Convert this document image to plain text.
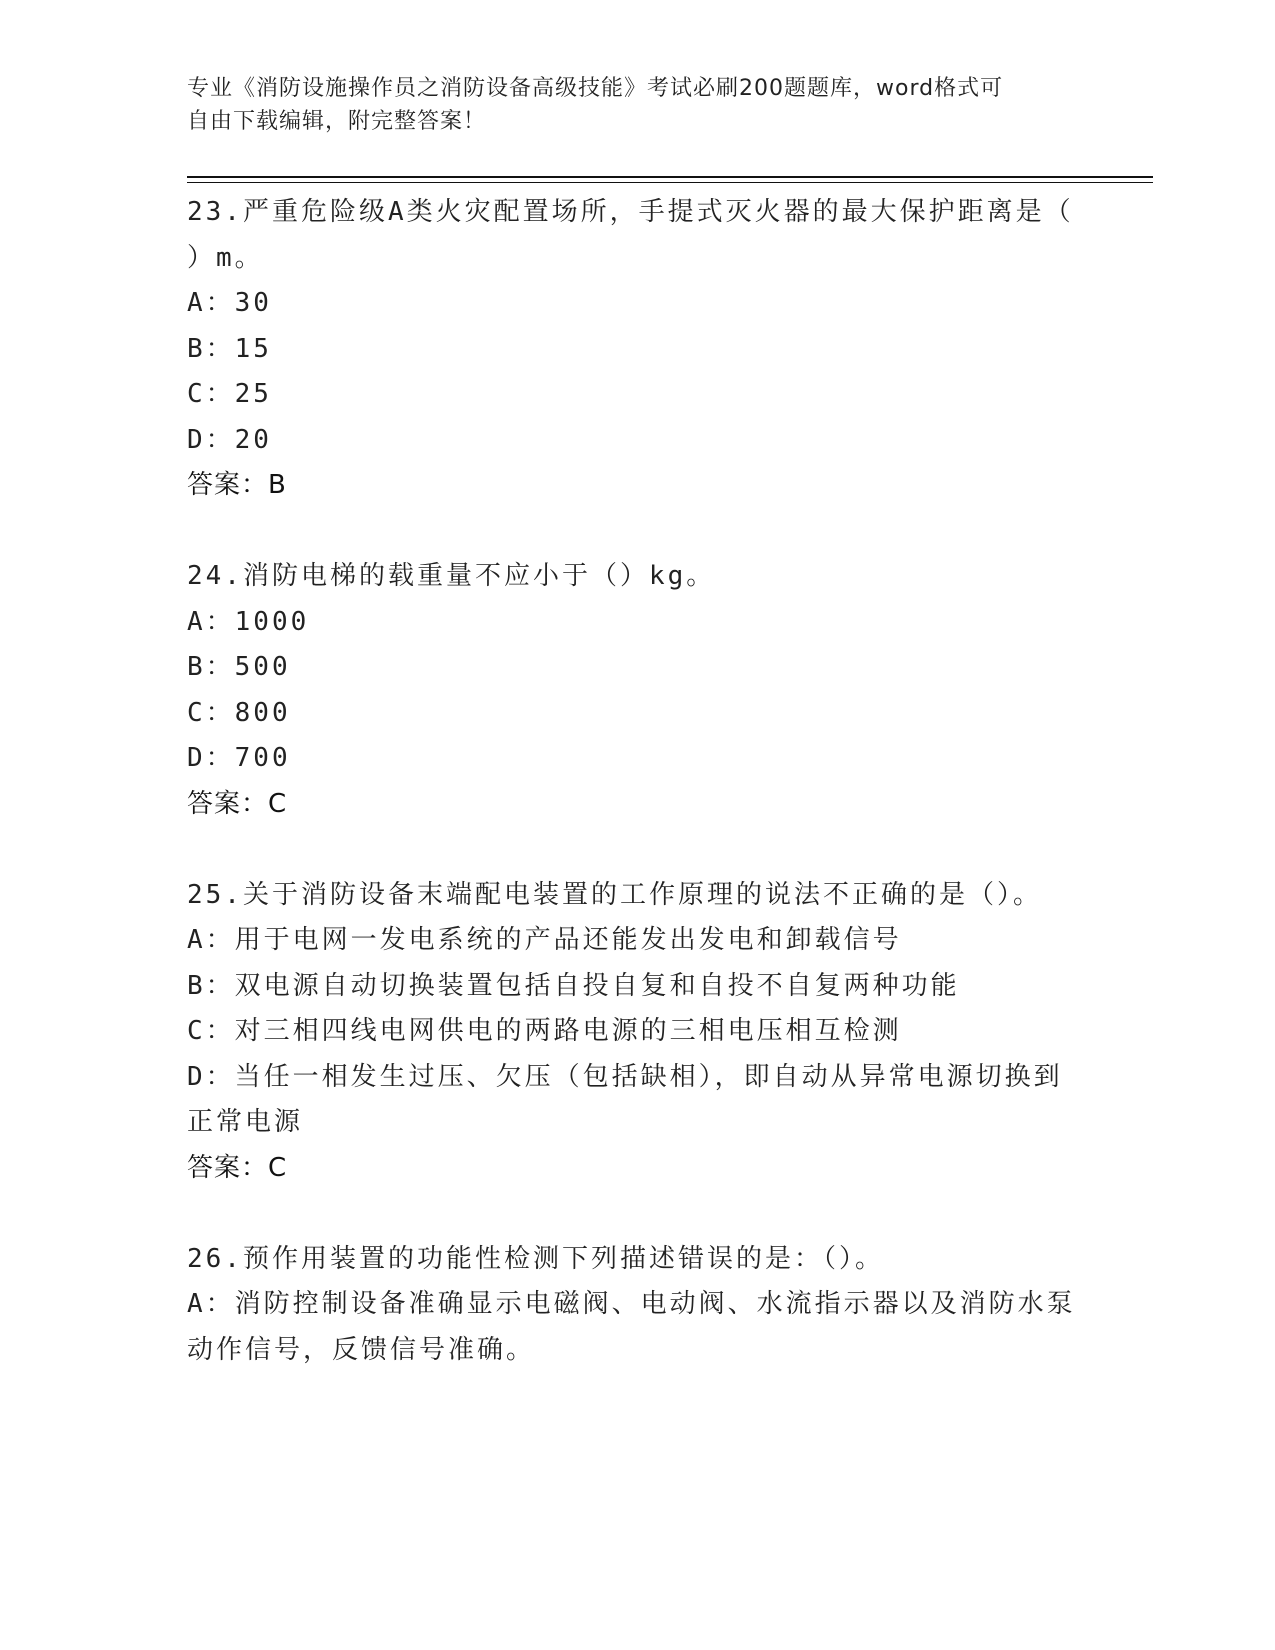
专业《消防设施操作员之消防设备高级技能》考试必刷200题题库，word格式可
自由下载编辑，附完整答案！

23.严重危险级A类火灾配置场所，手提式灭火器的最大保护距离是（

）m。

A：30

B：15

C：25

D：20

答案：B

24.消防电梯的载重量不应小于（）kg。

A：1000

B：500

C：800

D：700

答案：C

25.关于消防设备末端配电装置的工作原理的说法不正确的是（）。

A：用于电网一发电系统的产品还能发出发电和卸载信号

B：双电源自动切换装置包括自投自复和自投不自复两种功能

C：对三相四线电网供电的两路电源的三相电压相互检测

D：当任一相发生过压、欠压（包括缺相），即自动从异常电源切换到

正常电源

答案：C

26.预作用装置的功能性检测下列描述错误的是：（）。

A：消防控制设备准确显示电磁阀、电动阀、水流指示器以及消防水泵

动作信号，反馈信号准确。
